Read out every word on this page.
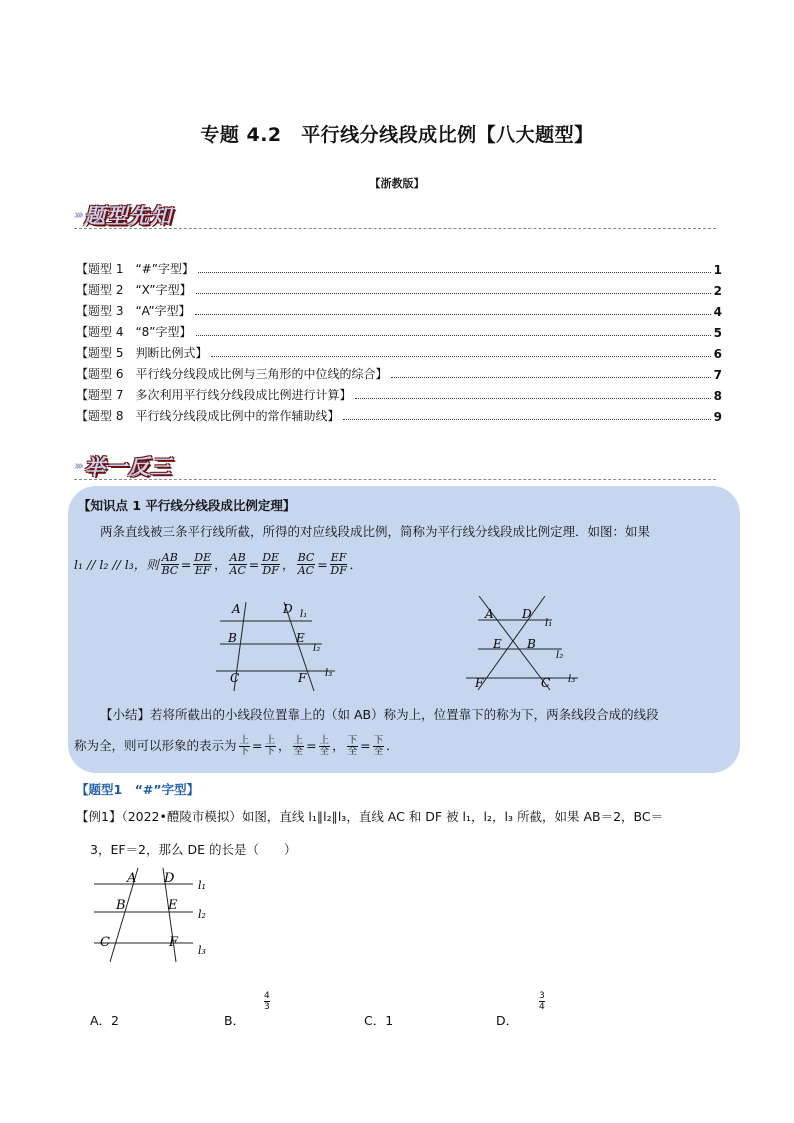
专题 4.2　平行线分线段成比例【八大题型】
【浙教版】
››› 题型先知
【题型 1　“#”字型】	1
【题型 2　“X”字型】	2
【题型 3　“A”字型】	4
【题型 4　“8”字型】	5
【题型 5　判断比例式】	6
【题型 6　平行线分线段成比例与三角形的中位线的综合】	7
【题型 7　多次利用平行线分线段成比例进行计算】	8
【题型 8　平行线分线段成比例中的常作辅助线】	9
››› 举一反三
【知识点 1 平行线分线段成比例定理】
两条直线被三条平行线所截，所得的对应线段成比例，简称为平行线分线段成比例定理．如图：如果
l₁ // l₂ // l₃，则 $\frac{AB}{BC} = \frac{DE}{EF}$ ， $\frac{AB}{AC} = \frac{DE}{DF}$ ， $\frac{BC}{AC} = \frac{EF}{DF}$ ．
A	D l₁
B	E
l₂
C	F l₃
A D
l₁
E B
l₂
F	C l₃
【小结】若将所截出的小线段位置靠上的（如 AB）称为上，位置靠下的称为下，两条线段合成的线段
称为全，则可以形象的表示为 $\frac{\text{上}}{\text{下}} = \frac{\text{上}}{\text{下}}$ ， $\frac{\text{上}}{\text{全}} = \frac{\text{上}}{\text{全}}$ ， $\frac{\text{下}}{\text{全}} = \frac{\text{下}}{\text{全}}$ ．
【题型1　“#”字型】
【例1】（2022•醴陵市模拟）如图，直线 l₁∥l₂∥l₃，直线 AC 和 DF 被 l₁，l₂，l₃ 所截，如果 AB＝2，BC＝
3，EF＝2，那么 DE 的长是（　　）
A D l₁
B	E
l₂
C	F
l₃
A．2	B．
$\frac{4}{3}$
C．1	D．
$\frac{3}{4}$
